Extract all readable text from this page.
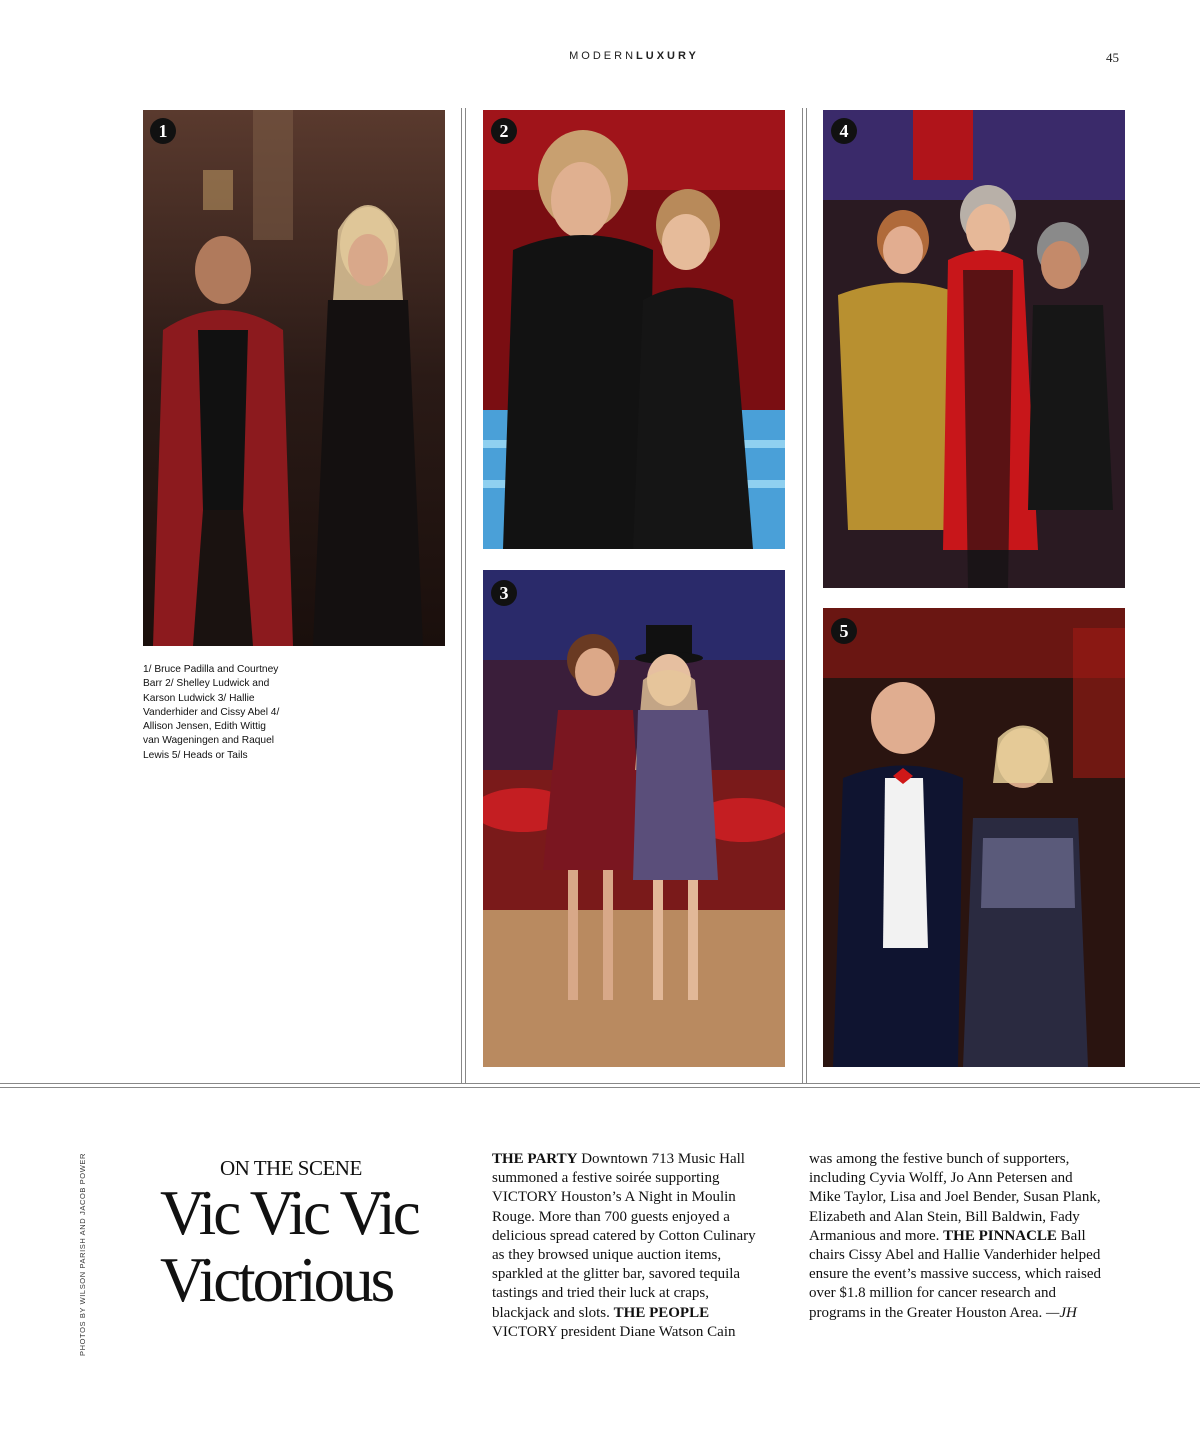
MODERNLUXURY	45
1	2
3
4
5
1/ Bruce Padilla and Courtney Barr 2/ Shelley Ludwick and Karson Ludwick 3/ Hallie Vanderhider and Cissy Abel 4/ Allison Jensen, Edith Wittig van Wageningen and Raquel Lewis 5/ Heads or Tails
PHOTOS BY WILSON PARISH AND JACOB POWER	ON THE SCENE
Vic Vic Vic Victorious
THE PARTY Downtown 713 Music Hall summoned a festive soirée supporting VICTORY Houston’s A Night in Moulin Rouge. More than 700 guests enjoyed a delicious spread catered by Cotton Culinary as they browsed unique auction items, sparkled at the glitter bar, savored tequila tastings and tried their luck at craps, blackjack and slots. THE PEOPLE VICTORY president Diane Watson Cain
was among the festive bunch of supporters, including Cyvia Wolff, Jo Ann Petersen and Mike Taylor, Lisa and Joel Bender, Susan Plank, Elizabeth and Alan Stein, Bill Baldwin, Fady Armanious and more. THE PINNACLE Ball chairs Cissy Abel and Hallie Vanderhider helped ensure the event’s massive success, which raised over $1.8 million for cancer research and programs in the Greater Houston Area. —JH
